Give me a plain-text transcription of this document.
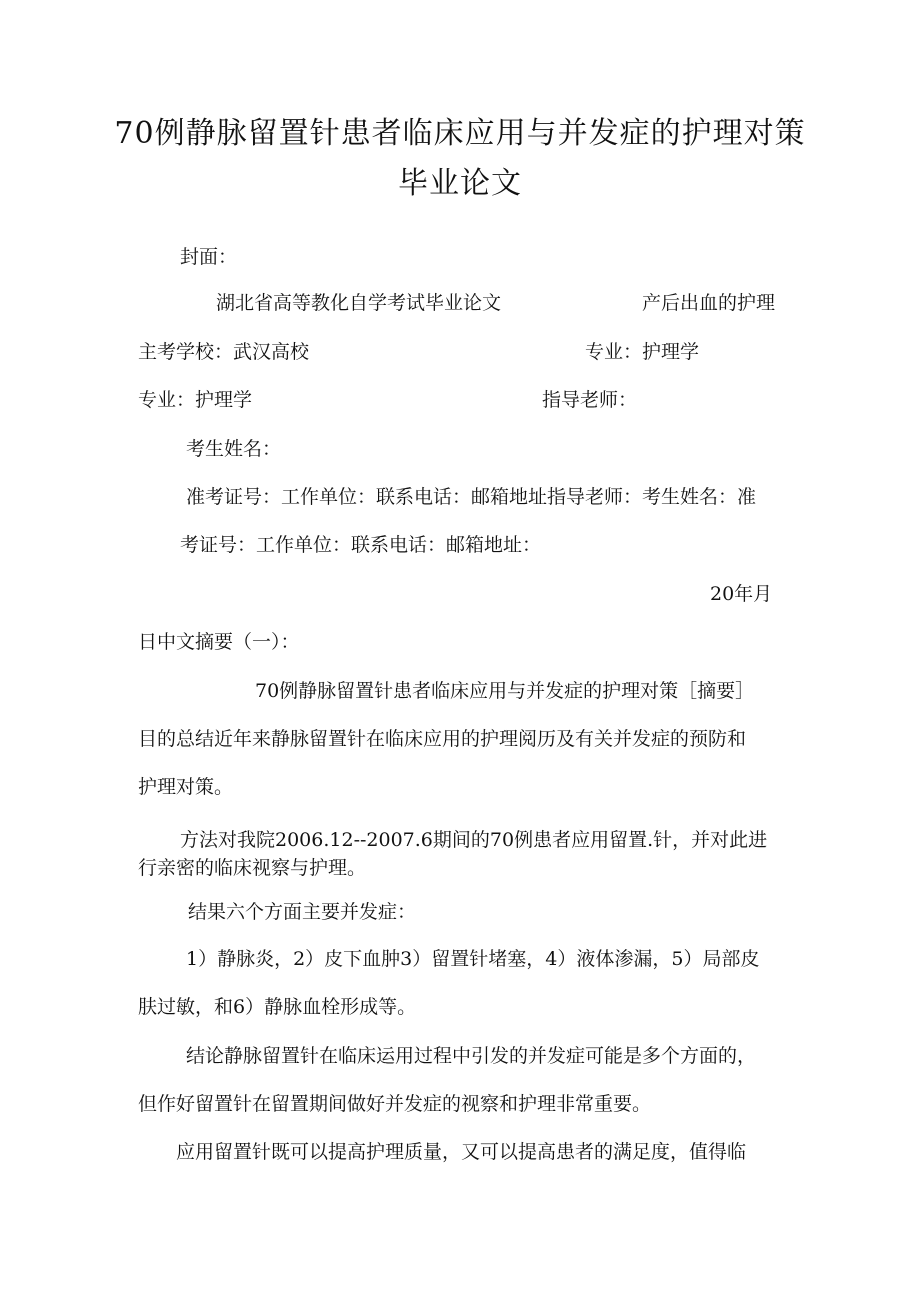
70例静脉留置针患者临床应用与并发症的护理对策
毕业论文
封面：
湖北省高等教化自学考试毕业论文	产后出血的护理
主考学校：武汉高校	专业：护理学
专业：护理学	指导老师：
考生姓名：
准考证号：工作单位：联系电话：邮箱地址指导老师：考生姓名：准
考证号：工作单位：联系电话：邮箱地址：
20年月
日中文摘要（一）：
70例静脉留置针患者临床应用与并发症的护理对策［摘要］
目的总结近年来静脉留置针在临床应用的护理阅历及有关并发症的预防和
护理对策。
方法对我院2006.12--2007.6期间的70例患者应用留置.针，并对此进
行亲密的临床视察与护理。
结果六个方面主要并发症：
1）静脉炎，2）皮下血肿3）留置针堵塞，4）液体渗漏，5）局部皮
肤过敏，和6）静脉血栓形成等。
结论静脉留置针在临床运用过程中引发的并发症可能是多个方面的，
但作好留置针在留置期间做好并发症的视察和护理非常重要。
应用留置针既可以提高护理质量，又可以提高患者的满足度，值得临
